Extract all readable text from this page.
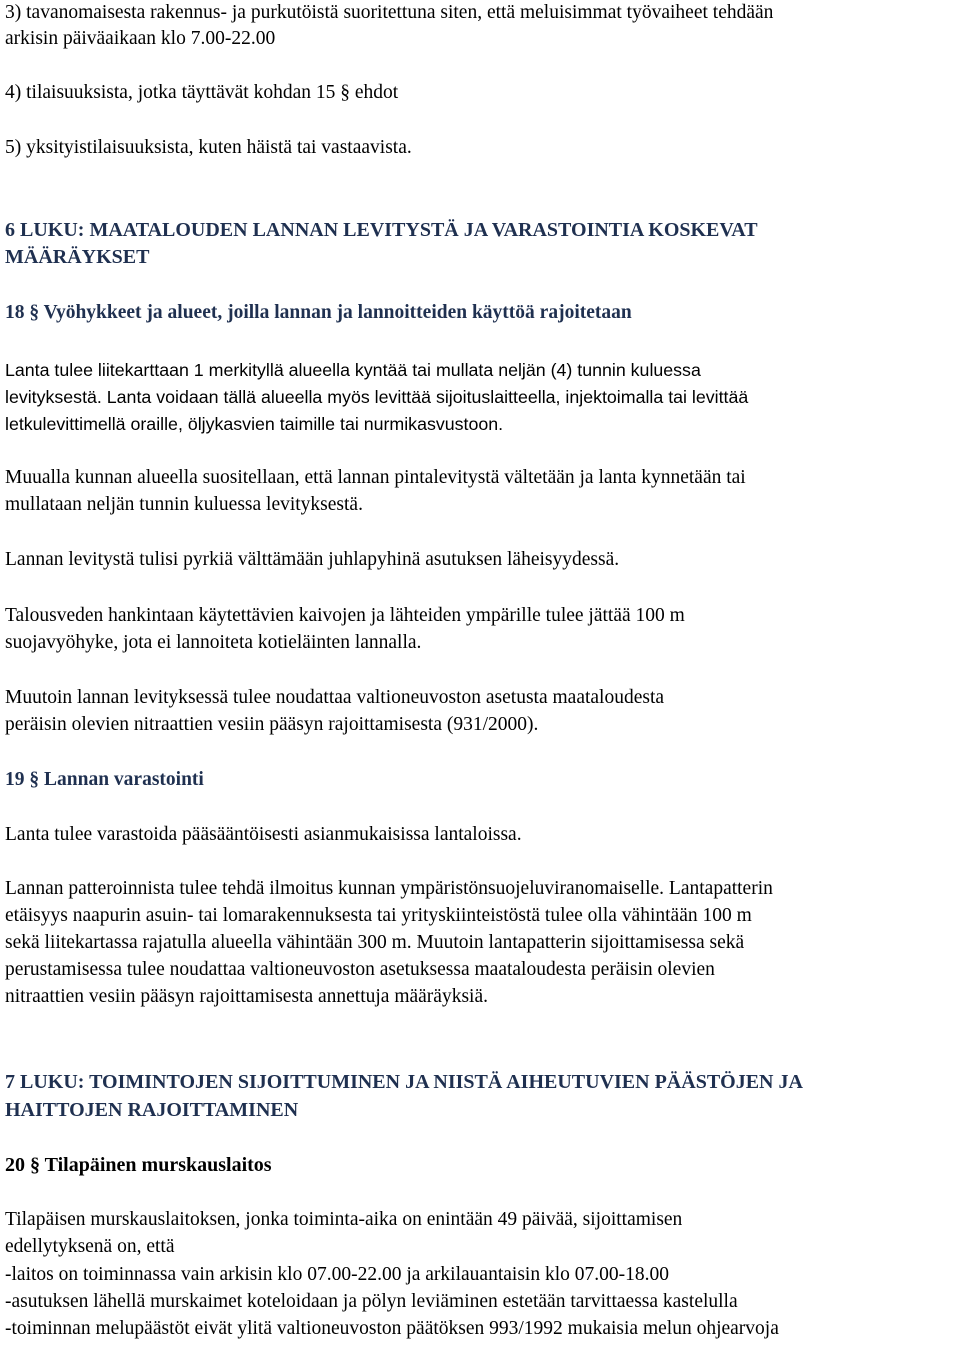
3) tavanomaisesta rakennus- ja purkutöistä suoritettuna siten, että meluisimmat työvaiheet tehdään
arkisin päiväaikaan klo 7.00-22.00
4) tilaisuuksista, jotka täyttävät kohdan 15 § ehdot
5) yksityistilaisuuksista, kuten häistä tai vastaavista.
6 LUKU: MAATALOUDEN LANNAN LEVITYSTÄ JA VARASTOINTIA KOSKEVAT
MÄÄRÄYKSET
18 § Vyöhykkeet ja alueet, joilla lannan ja lannoitteiden käyttöä rajoitetaan
Lanta tulee liitekarttaan 1 merkityllä alueella kyntää tai mullata neljän (4) tunnin kuluessa
levityksestä. Lanta voidaan tällä alueella myös levittää sijoituslaitteella, injektoimalla tai levittää
letkulevittimellä oraille, öljykasvien taimille tai nurmikasvustoon.
Muualla kunnan alueella suositellaan, että lannan pintalevitystä vältetään ja lanta kynnetään tai
mullataan neljän tunnin kuluessa levityksestä.
Lannan levitystä tulisi pyrkiä välttämään juhlapyhinä asutuksen läheisyydessä.
Talousveden hankintaan käytettävien kaivojen ja lähteiden ympärille tulee jättää 100 m
suojavyöhyke, jota ei lannoiteta kotieläinten lannalla.
Muutoin lannan levityksessä tulee noudattaa valtioneuvoston asetusta maataloudesta
peräisin olevien nitraattien vesiin pääsyn rajoittamisesta (931/2000).
19 § Lannan varastointi
Lanta tulee varastoida pääsääntöisesti asianmukaisissa lantaloissa.
Lannan patteroinnista tulee tehdä ilmoitus kunnan ympäristönsuojeluviranomaiselle. Lantapatterin
etäisyys naapurin asuin- tai lomarakennuksesta tai yrityskiinteistöstä tulee olla vähintään 100 m
sekä liitekartassa rajatulla alueella vähintään 300 m. Muutoin lantapatterin sijoittamisessa sekä
perustamisessa tulee noudattaa valtioneuvoston asetuksessa maataloudesta peräisin olevien
nitraattien vesiin pääsyn rajoittamisesta annettuja määräyksiä.
7 LUKU: TOIMINTOJEN SIJOITTUMINEN JA NIISTÄ AIHEUTUVIEN PÄÄSTÖJEN JA
HAITTOJEN RAJOITTAMINEN
20 § Tilapäinen murskauslaitos
Tilapäisen murskauslaitoksen, jonka toiminta-aika on enintään 49 päivää, sijoittamisen
edellytyksenä on, että
-laitos on toiminnassa vain arkisin klo 07.00-22.00 ja arkilauantaisin klo 07.00-18.00
-asutuksen lähellä murskaimet koteloidaan ja pölyn leviäminen estetään tarvittaessa kastelulla
-toiminnan melupäästöt eivät ylitä valtioneuvoston päätöksen 993/1992 mukaisia melun ohjearvoja
